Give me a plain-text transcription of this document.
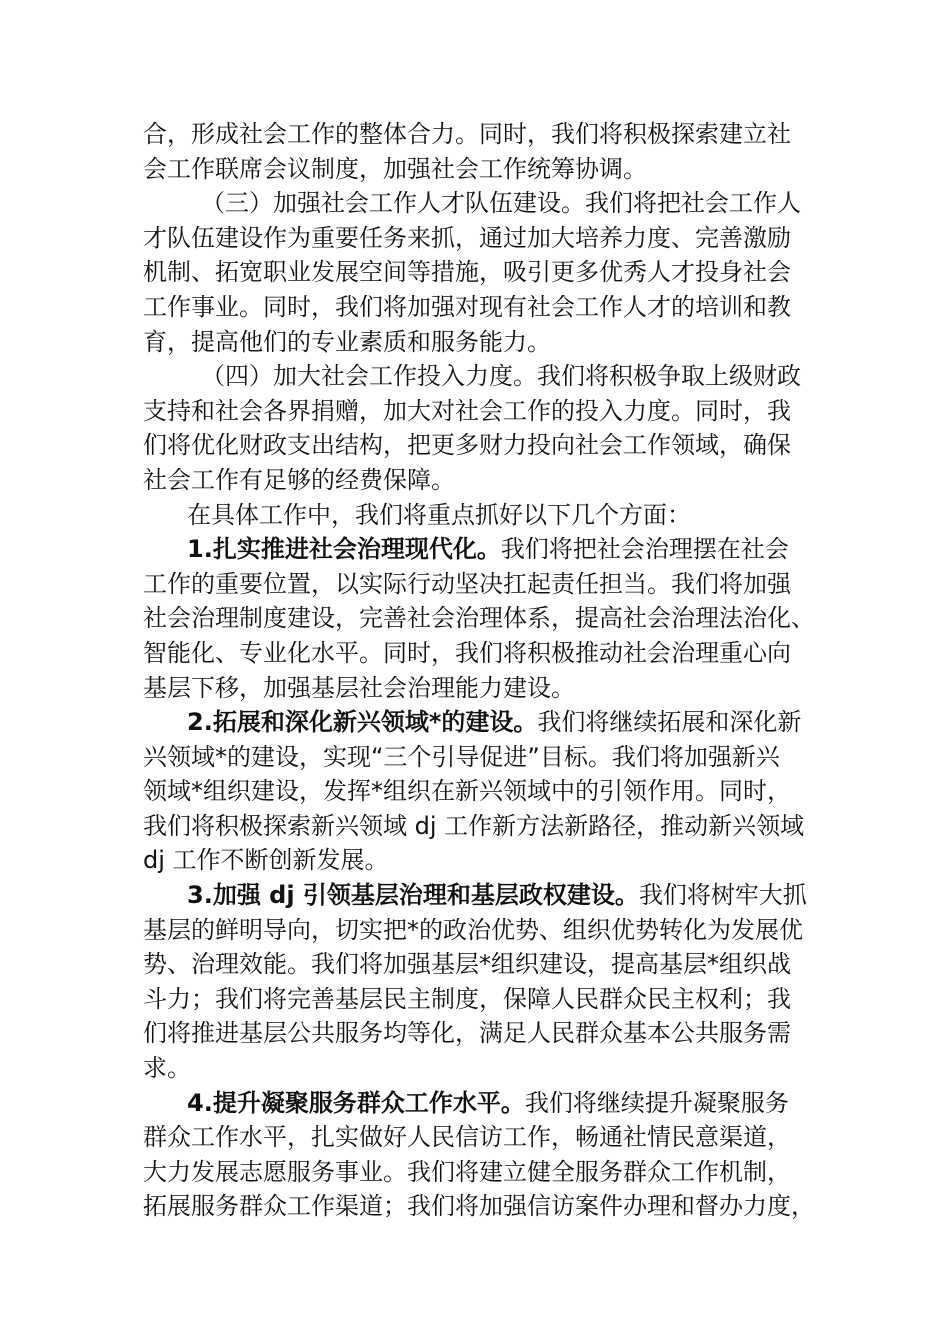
合，形成社会工作的整体合力。同时，我们将积极探索建立社
会工作联席会议制度，加强社会工作统筹协调。
（三）加强社会工作人才队伍建设。我们将把社会工作人
才队伍建设作为重要任务来抓，通过加大培养力度、完善激励
机制、拓宽职业发展空间等措施，吸引更多优秀人才投身社会
工作事业。同时，我们将加强对现有社会工作人才的培训和教
育，提高他们的专业素质和服务能力。
（四）加大社会工作投入力度。我们将积极争取上级财政
支持和社会各界捐赠，加大对社会工作的投入力度。同时，我
们将优化财政支出结构，把更多财力投向社会工作领域，确保
社会工作有足够的经费保障。
在具体工作中，我们将重点抓好以下几个方面：
1.扎实推进社会治理现代化。我们将把社会治理摆在社会
工作的重要位置，以实际行动坚决扛起责任担当。我们将加强
社会治理制度建设，完善社会治理体系，提高社会治理法治化、
智能化、专业化水平。同时，我们将积极推动社会治理重心向
基层下移，加强基层社会治理能力建设。
2.拓展和深化新兴领域*的建设。我们将继续拓展和深化新
兴领域*的建设，实现“三个引导促进”目标。我们将加强新兴
领域*组织建设，发挥*组织在新兴领域中的引领作用。同时，
我们将积极探索新兴领域 dj 工作新方法新路径，推动新兴领域
dj 工作不断创新发展。
3.加强 dj 引领基层治理和基层政权建设。我们将树牢大抓
基层的鲜明导向，切实把*的政治优势、组织优势转化为发展优
势、治理效能。我们将加强基层*组织建设，提高基层*组织战
斗力；我们将完善基层民主制度，保障人民群众民主权利；我
们将推进基层公共服务均等化，满足人民群众基本公共服务需
求。
4.提升凝聚服务群众工作水平。我们将继续提升凝聚服务
群众工作水平，扎实做好人民信访工作，畅通社情民意渠道，
大力发展志愿服务事业。我们将建立健全服务群众工作机制，
拓展服务群众工作渠道；我们将加强信访案件办理和督办力度，
